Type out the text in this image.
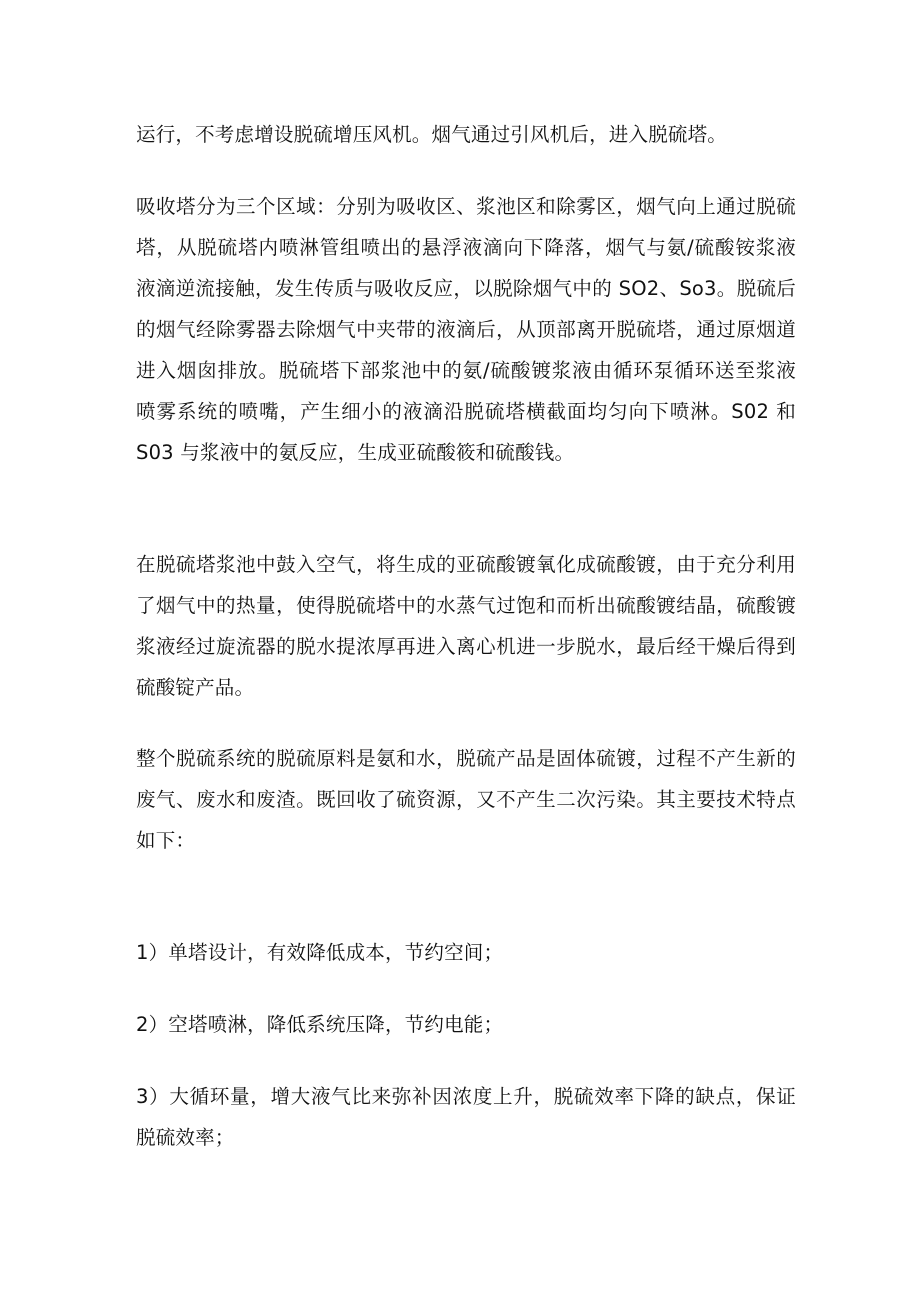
运行，不考虑增设脱硫增压风机。烟气通过引风机后，进入脱硫塔。
吸收塔分为三个区域：分别为吸收区、浆池区和除雾区，烟气向上通过脱硫
塔，从脱硫塔内喷淋管组喷出的悬浮液滴向下降落，烟气与氨/硫酸铵浆液
液滴逆流接触，发生传质与吸收反应，以脱除烟气中的 SO2、So3。脱硫后
的烟气经除雾器去除烟气中夹带的液滴后，从顶部离开脱硫塔，通过原烟道
进入烟囱排放。脱硫塔下部浆池中的氨/硫酸镀浆液由循环泵循环送至浆液
喷雾系统的喷嘴，产生细小的液滴沿脱硫塔横截面均匀向下喷淋。S02 和
S03 与浆液中的氨反应，生成亚硫酸筱和硫酸钱。
在脱硫塔浆池中鼓入空气，将生成的亚硫酸镀氧化成硫酸镀，由于充分利用
了烟气中的热量，使得脱硫塔中的水蒸气过饱和而析出硫酸镀结晶，硫酸镀
浆液经过旋流器的脱水提浓厚再进入离心机进一步脱水，最后经干燥后得到
硫酸锭产品。
整个脱硫系统的脱硫原料是氨和水，脱硫产品是固体硫镀，过程不产生新的
废气、废水和废渣。既回收了硫资源，又不产生二次污染。其主要技术特点
如下：
1）单塔设计，有效降低成本，节约空间；
2）空塔喷淋，降低系统压降，节约电能；
3）大循环量，增大液气比来弥补因浓度上升，脱硫效率下降的缺点，保证
脱硫效率；
